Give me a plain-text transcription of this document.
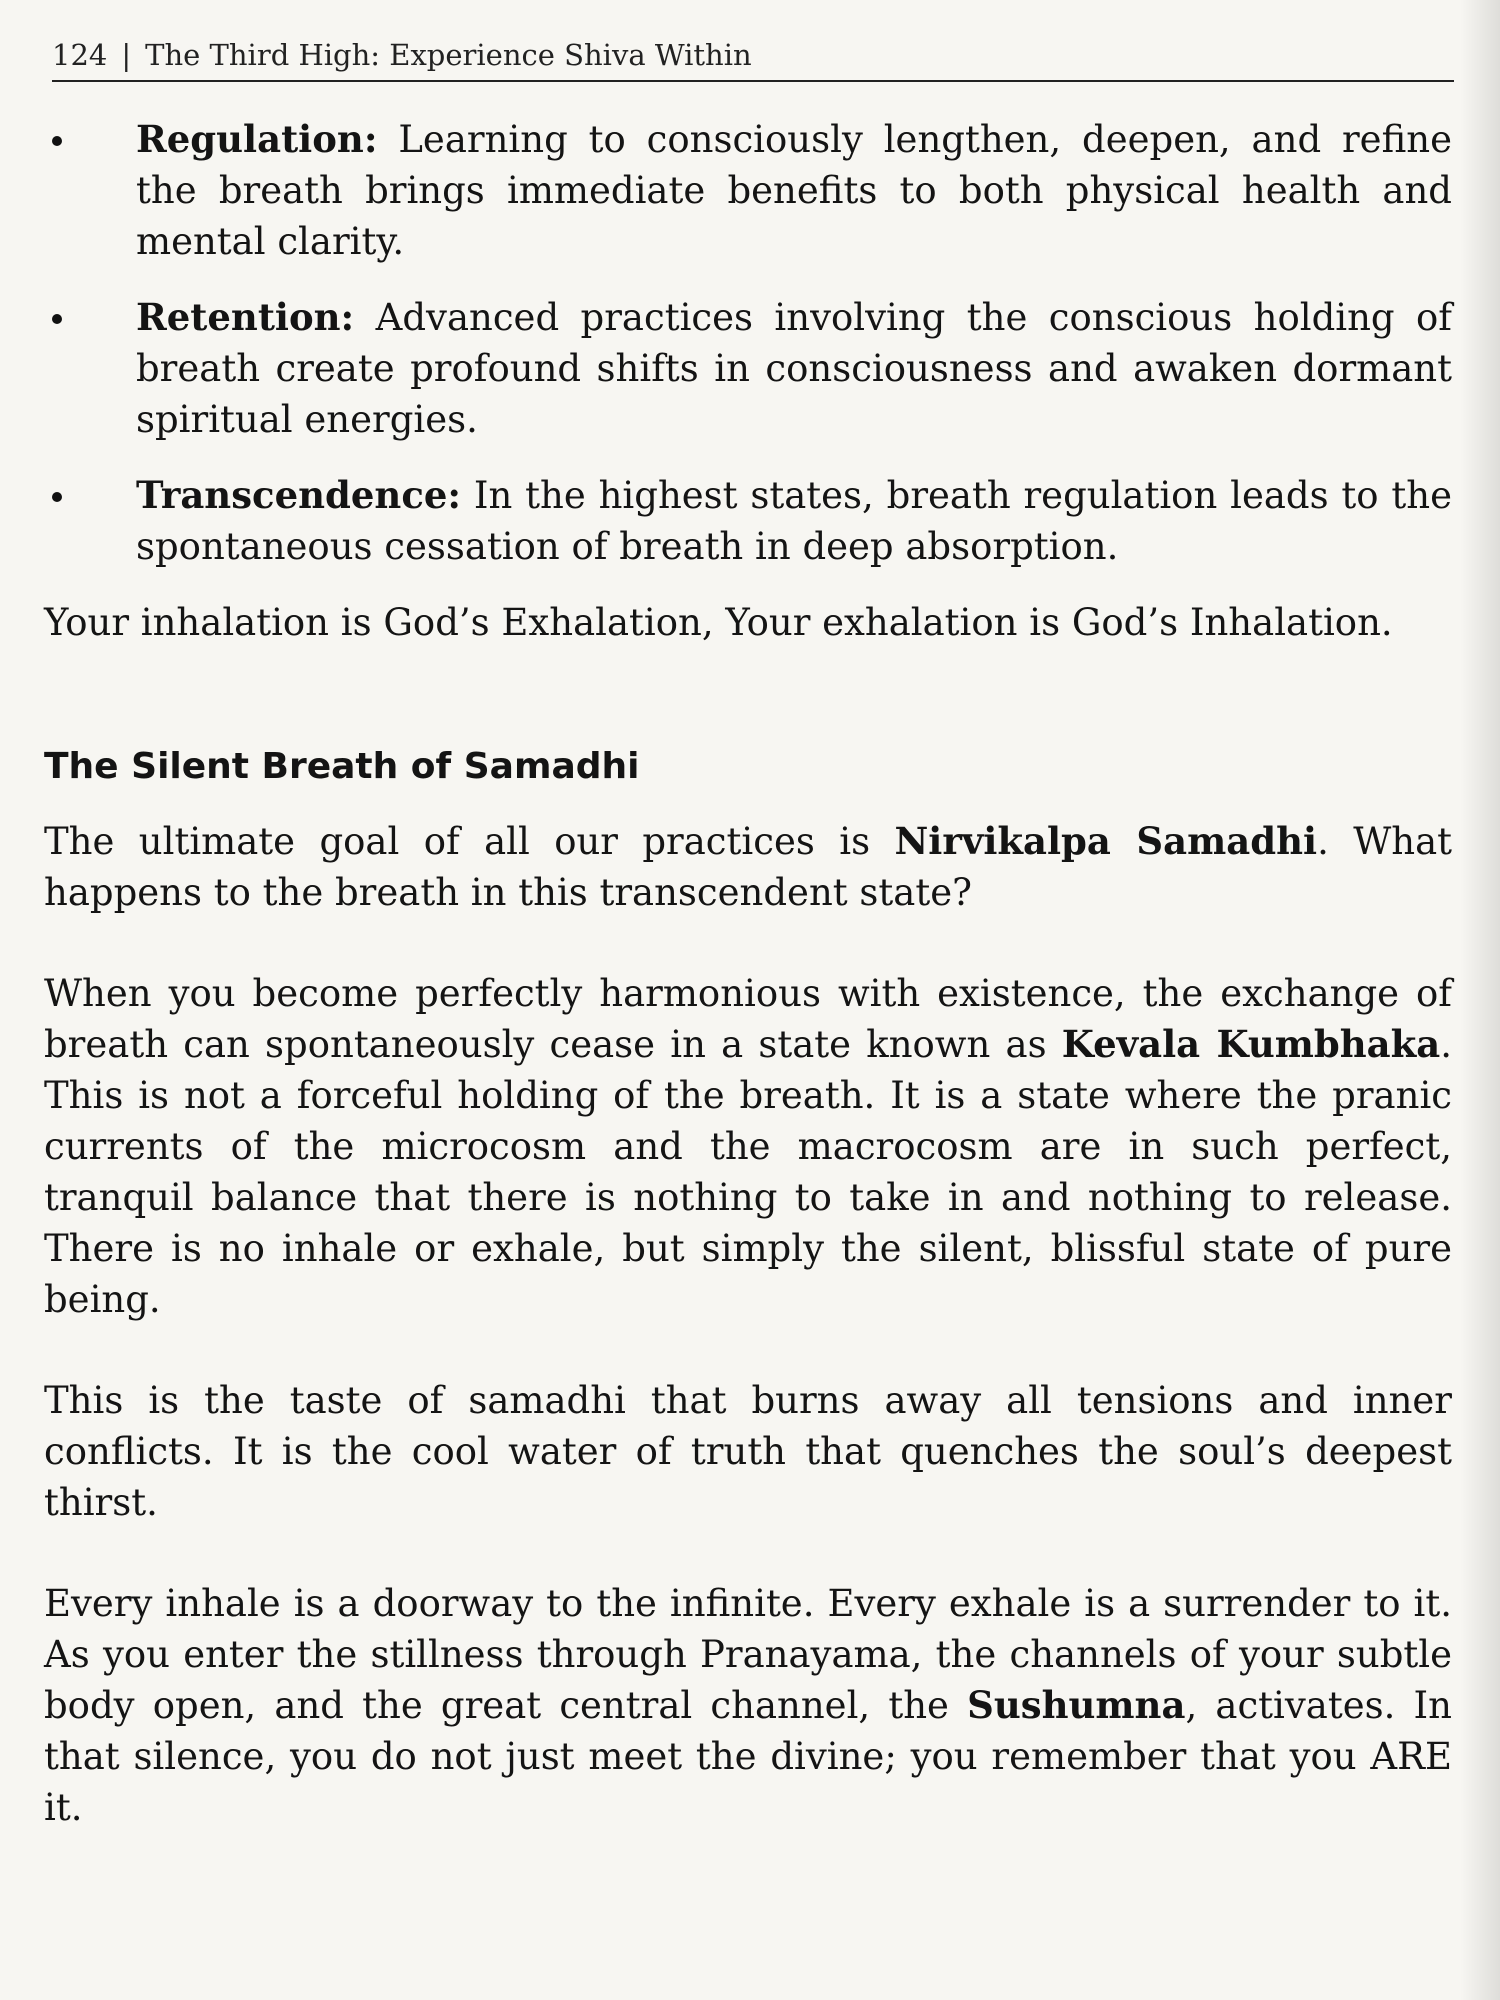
124 | The Third High: Experience Shiva Within
Regulation: Learning to consciously lengthen, deepen, and refine the breath brings immediate benefits to both physical health and mental clarity.
Retention: Advanced practices involving the conscious holding of breath create profound shifts in consciousness and awaken dormant spiritual energies.
Transcendence: In the highest states, breath regulation leads to the spontaneous cessation of breath in deep absorption.

Your inhalation is God’s Exhalation, Your exhalation is God’s Inhalation.

The Silent Breath of Samadhi

The ultimate goal of all our practices is Nirvikalpa Samadhi. What happens to the breath in this transcendent state?

When you become perfectly harmonious with existence, the exchange of breath can spontaneously cease in a state known as Kevala Kumbhaka. This is not a forceful holding of the breath. It is a state where the pranic currents of the microcosm and the macrocosm are in such perfect, tranquil balance that there is nothing to take in and nothing to release. There is no inhale or exhale, but simply the silent, blissful state of pure being.

This is the taste of samadhi that burns away all tensions and inner conflicts. It is the cool water of truth that quenches the soul’s deepest thirst.

Every inhale is a doorway to the infinite. Every exhale is a surrender to it. As you enter the stillness through Pranayama, the channels of your subtle body open, and the great central channel, the Sushumna, activates. In that silence, you do not just meet the divine; you remember that you ARE it.
